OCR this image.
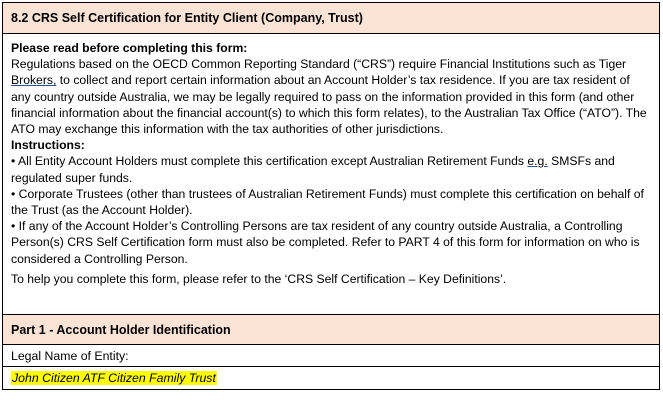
8.2 CRS Self Certification for Entity Client (Company, Trust)

Please read before completing this form:

Regulations based on the OECD Common Reporting Standard (“CRS”) require Financial Institutions such as Tiger Brokers, to collect and report certain information about an Account Holder’s tax residence. If you are tax resident of any country outside Australia, we may be legally required to pass on the information provided in this form (and other financial information about the financial account(s) to which this form relates), to the Australian Tax Office (“ATO”). The ATO may exchange this information with the tax authorities of other jurisdictions.

Instructions:

• All Entity Account Holders must complete this certification except Australian Retirement Funds e.g. SMSFs and regulated super funds.

• Corporate Trustees (other than trustees of Australian Retirement Funds) must complete this certification on behalf of the Trust (as the Account Holder).

• If any of the Account Holder’s Controlling Persons are tax resident of any country outside Australia, a Controlling Person(s) CRS Self Certification form must also be completed. Refer to PART 4 of this form for information on who is considered a Controlling Person.

To help you complete this form, please refer to the ‘CRS Self Certification – Key Definitions’.

Part 1 - Account Holder Identification
Legal Name of Entity:
John Citizen ATF Citizen Family Trust
